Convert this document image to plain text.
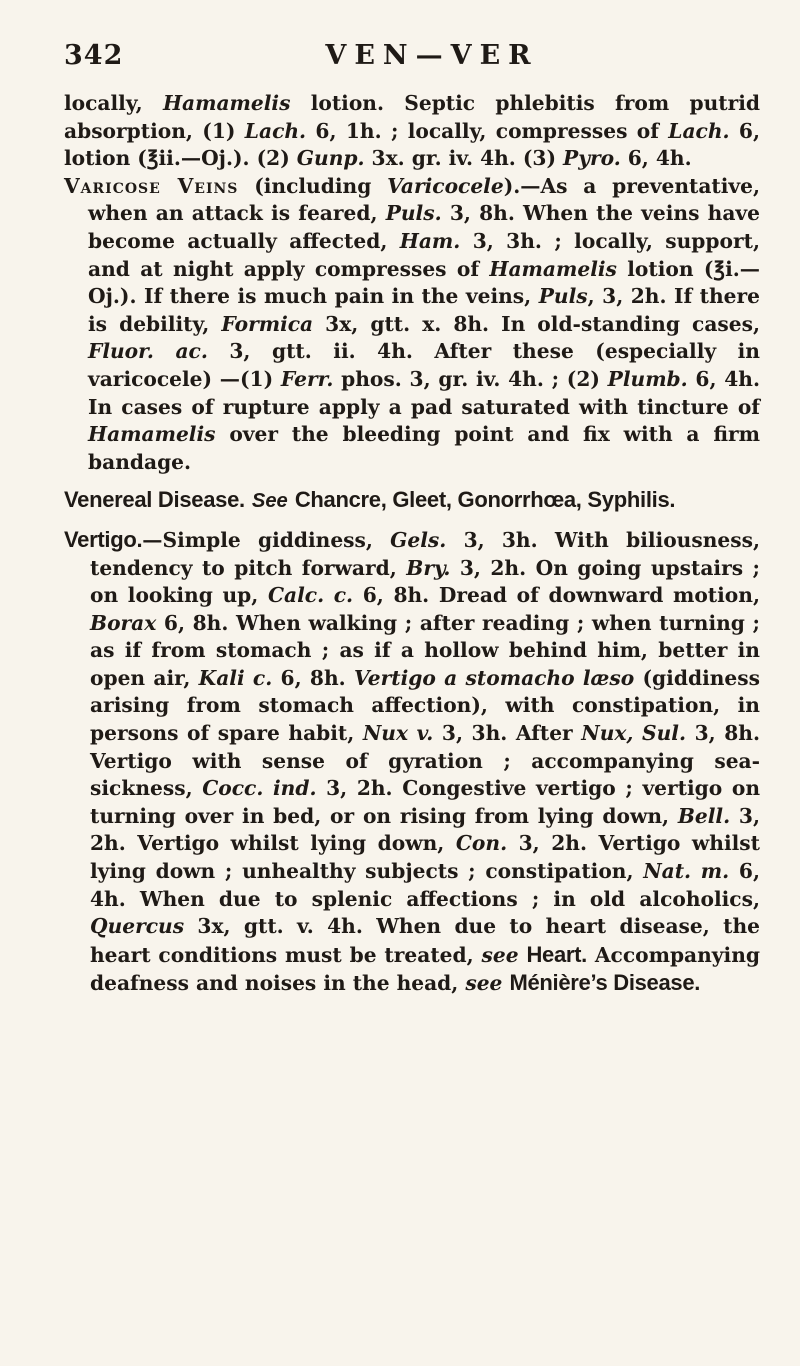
342	VEN—VER

locally, Hamamelis lotion. Septic phlebitis from putrid absorption, (1) Lach. 6, 1h. ; locally, compresses of Lach. 6, lotion (℥ii.—Oj.). (2) Gunp. 3x. gr. iv. 4h. (3) Pyro. 6, 4h.

Varicose Veins (including Varicocele).—As a preventative, when an attack is feared, Puls. 3, 8h. When the veins have become actually affected, Ham. 3, 3h. ; locally, support, and at night apply compresses of Hamamelis lotion (℥i.—Oj.). If there is much pain in the veins, Puls, 3, 2h. If there is debility, Formica 3x, gtt. x. 8h. In old-standing cases, Fluor. ac. 3, gtt. ii. 4h. After these (especially in varicocele) —(1) Ferr. phos. 3, gr. iv. 4h. ; (2) Plumb. 6, 4h. In cases of rupture apply a pad saturated with tincture of Hamamelis over the bleeding point and fix with a firm bandage.

Venereal Disease. See Chancre, Gleet, Gonorrhœa, Syphilis.

Vertigo.—Simple giddiness, Gels. 3, 3h. With biliousness, tendency to pitch forward, Bry. 3, 2h. On going upstairs ; on looking up, Calc. c. 6, 8h. Dread of downward motion, Borax 6, 8h. When walking ; after reading ; when turning ; as if from stomach ; as if a hollow behind him, better in open air, Kali c. 6, 8h. Vertigo a stomacho læso (giddiness arising from stomach affection), with constipation, in persons of spare habit, Nux v. 3, 3h. After Nux, Sul. 3, 8h. Vertigo with sense of gyration ; accompanying sea-sickness, Cocc. ind. 3, 2h. Congestive vertigo ; vertigo on turning over in bed, or on rising from lying down, Bell. 3, 2h. Vertigo whilst lying down, Con. 3, 2h. Vertigo whilst lying down ; unhealthy subjects ; constipation, Nat. m. 6, 4h. When due to splenic affections ; in old alcoholics, Quercus 3x, gtt. v. 4h. When due to heart disease, the heart conditions must be treated, see Heart. Accompanying deafness and noises in the head, see Ménière’s Disease.
